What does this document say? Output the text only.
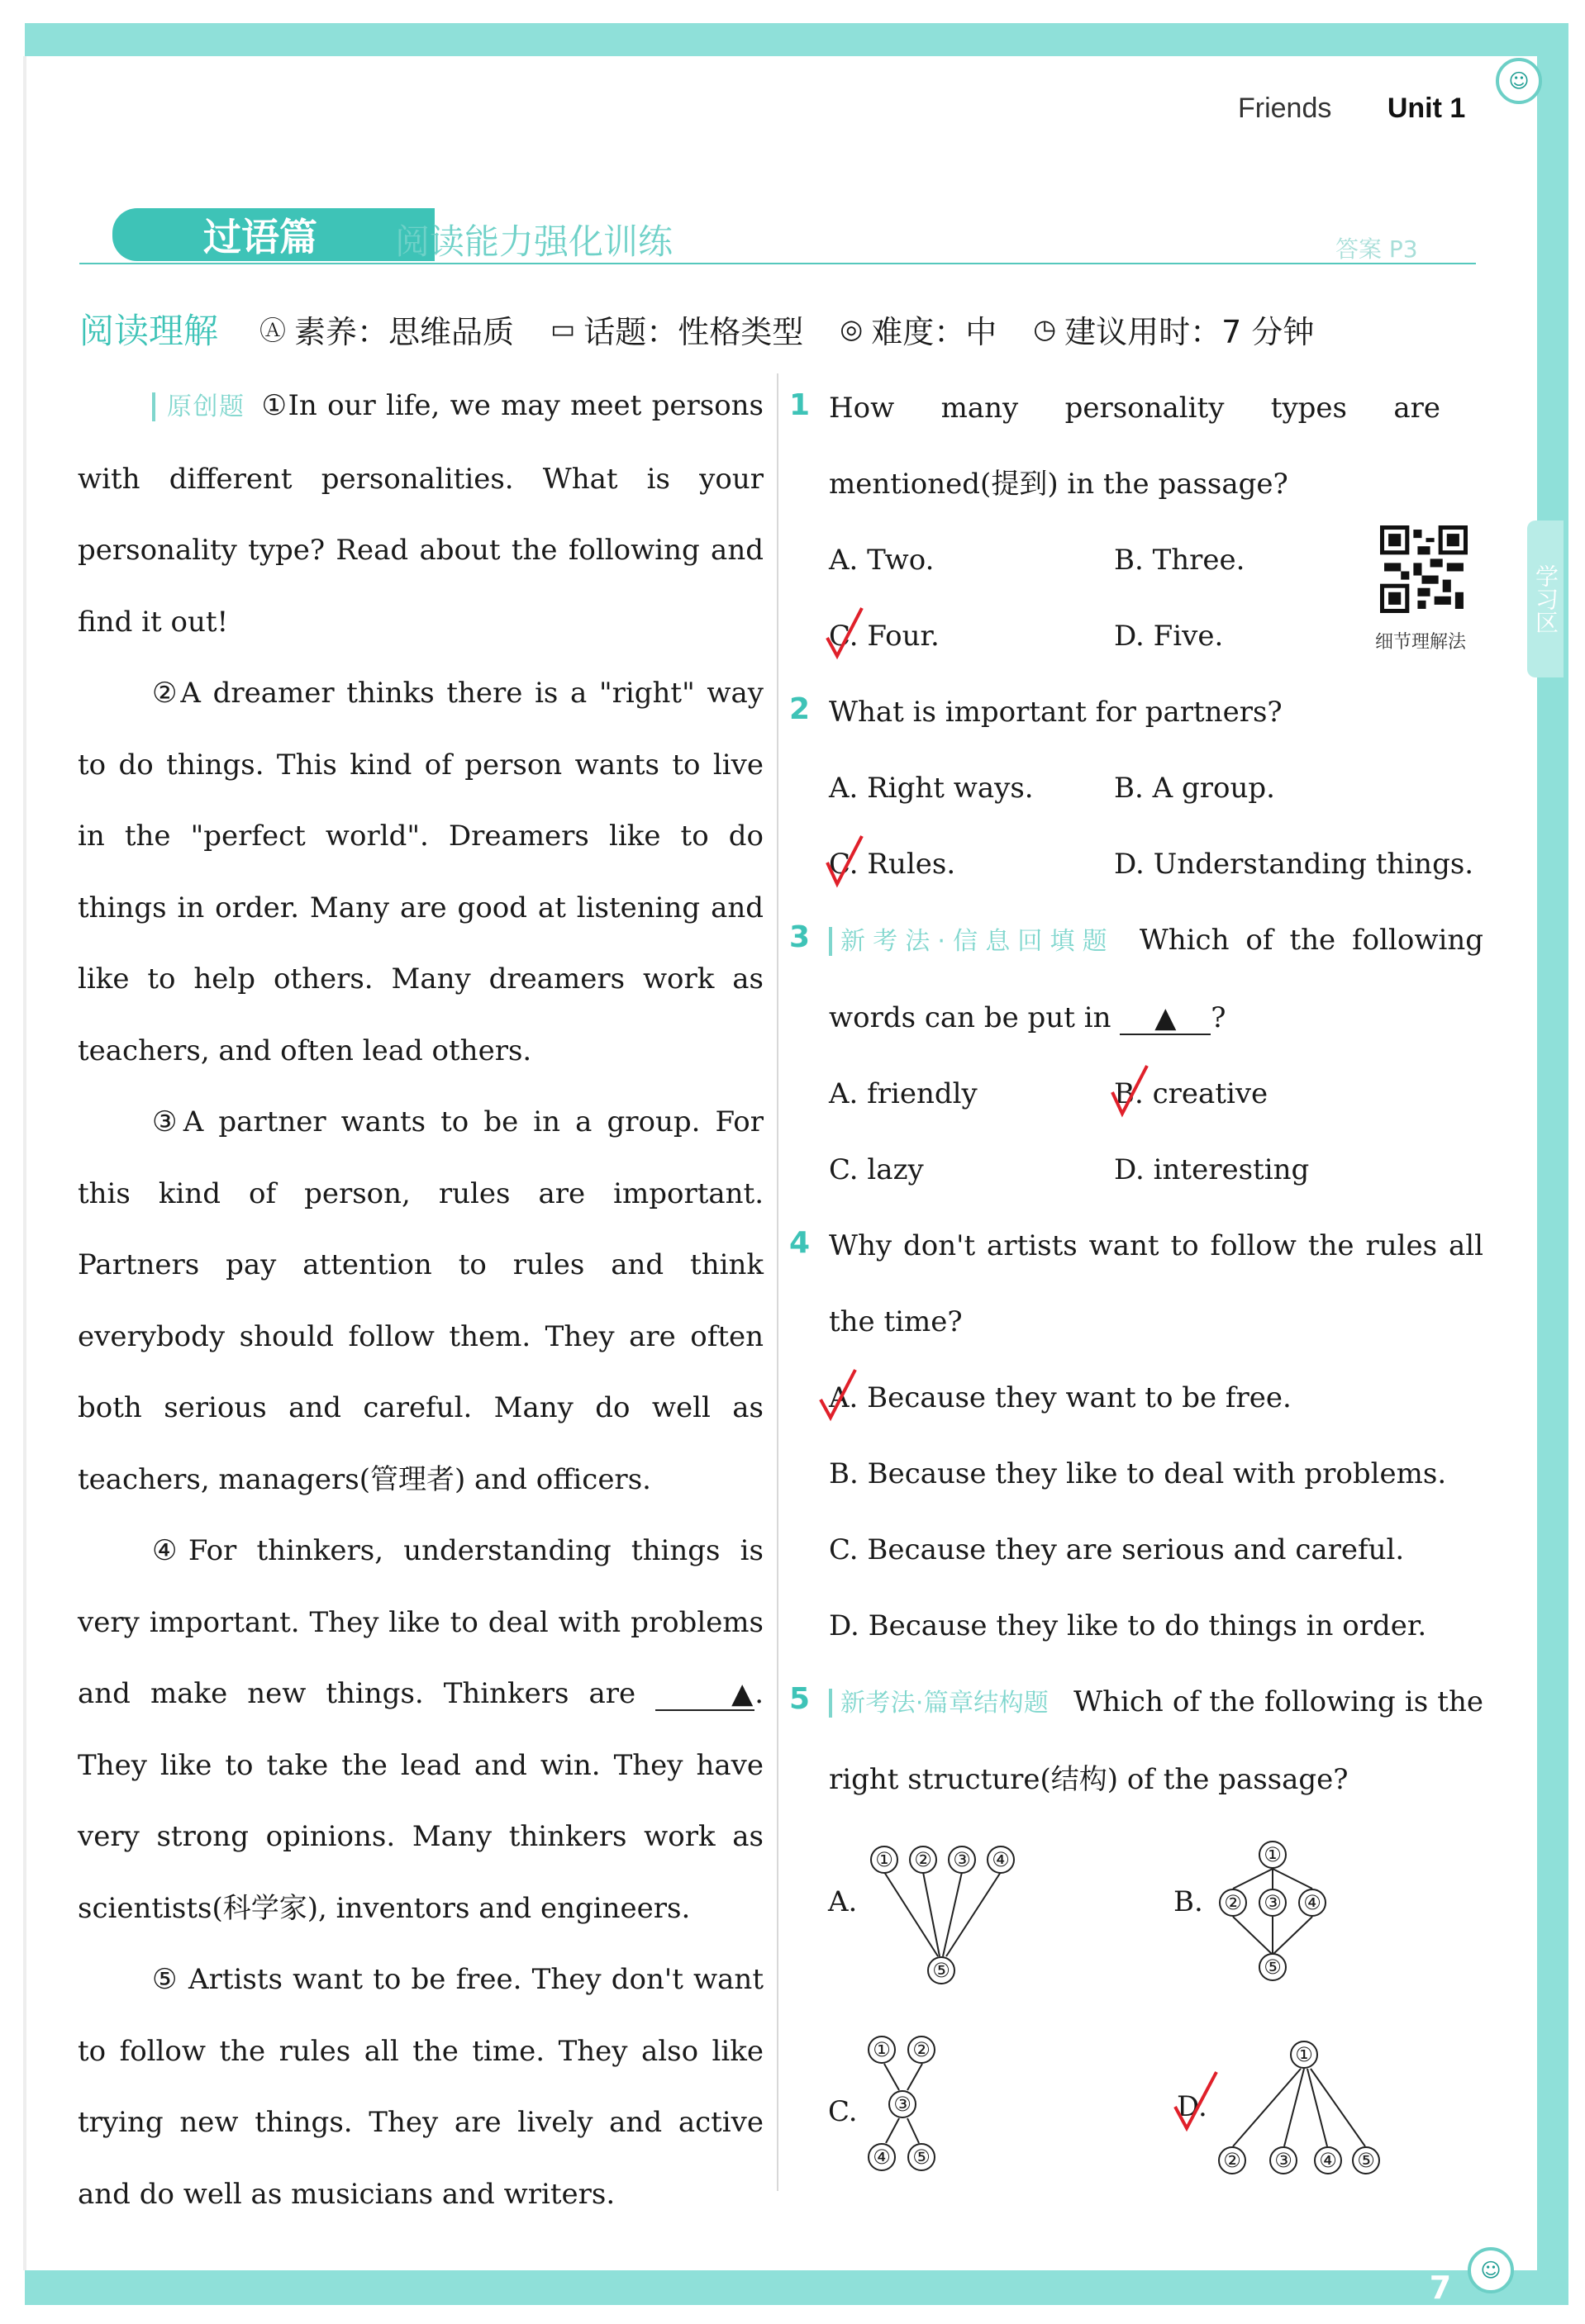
☺
☺
Friends Unit 1
过语篇	阅读能力强化训练	答案 P3
阅读理解 Ⓐ 素养：思维品质 ▭ 话题：性格类型 ◎ 难度：中 ◷ 建议用时：7 分钟

原创题 ①In our life, we may meet persons with different personalities. What is your personality type? Read about the following and find it out!

②A dreamer thinks there is a "right" way to do things. This kind of person wants to live in the "perfect world". Dreamers like to do things in order. Many are good at listening and like to help others. Many dreamers work as teachers, and often lead others.

③A partner wants to be in a group. For this kind of person, rules are important. Partners pay attention to rules and think everybody should follow them. They are often both serious and careful. Many do well as teachers, managers(管理者) and officers.

④For thinkers, understanding things is very important. They like to deal with problems and make new things. Thinkers are	▲. They like to take the lead and win. They have very strong opinions. Many thinkers work as scientists(科学家), inventors and engineers.

⑤ Artists want to be free. They don't want to follow the rules all the time. They also like trying new things. They are lively and active and do well as musicians and writers.

1 How many personality types are mentioned(提到) in the passage?
A. Two.	B. Three.
C. Four.	D. Five.
2 What is important for partners?
A. Right ways.	B. A group.
C. Rules.	D. Understanding things.
3	新考法·信息回填题 Which of the following words can be put in ▲ ?
A. friendly	B. creative
C. lazy	D. interesting
4 Why don't artists want to follow the rules all the time?
A. Because they want to be free.
B. Because they like to deal with problems.
C. Because they are serious and careful.
D. Because they like to do things in order.
5	新考法·篇章结构题 Which of the following is the right structure(结构) of the passage?
A.
① ② ③ ④
⑤
B.
①
② ③ ④
⑤
C.
① ②
③
④ ⑤
D.
①
② ③ ④ ⑤
细节理解法
学习区
7
